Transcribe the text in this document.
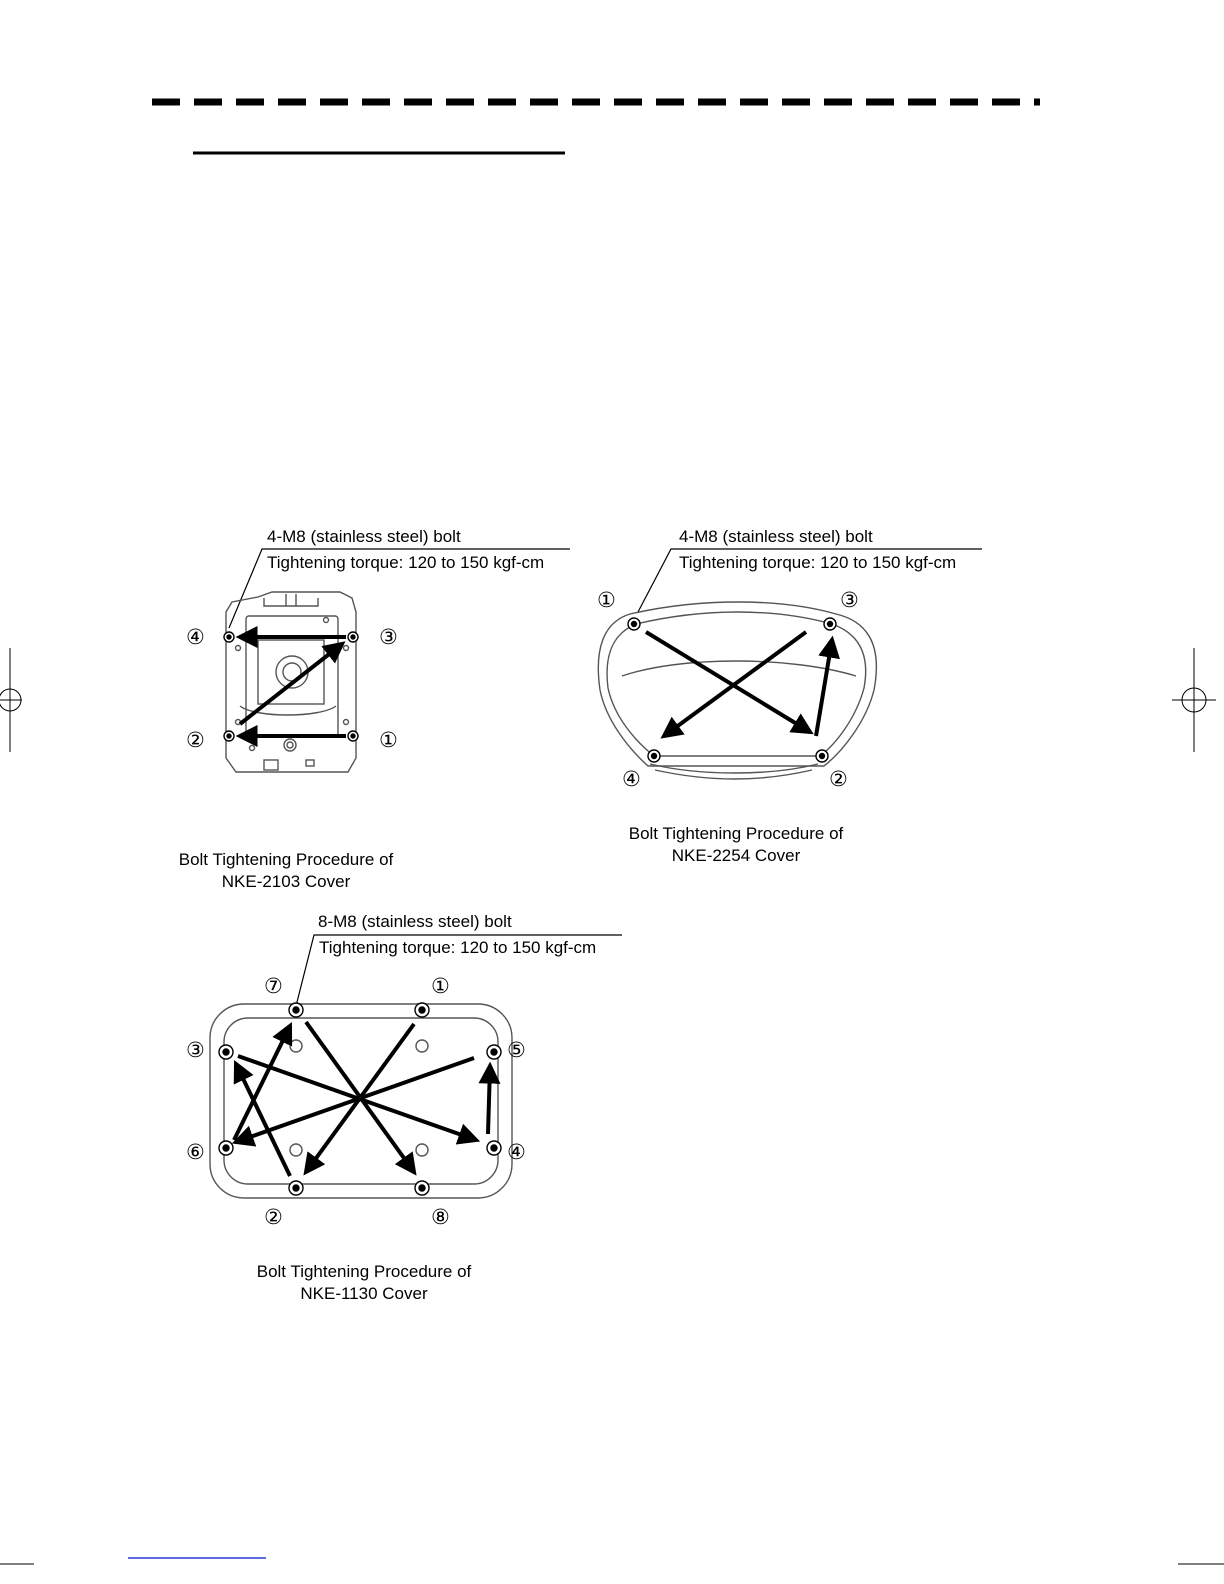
4-M8 (stainless steel) bolt
Tightening torque: 120 to 150 kgf-cm
④	③
②	①
Bolt Tightening Procedure of
NKE-2103 Cover
4-M8 (stainless steel) bolt
Tightening torque: 120 to 150 kgf-cm
①	③
④	②
Bolt Tightening Procedure of
NKE-2254 Cover
8-M8 (stainless steel) bolt
Tightening torque: 120 to 150 kgf-cm
⑦	①
③	⑤
⑥	④
②	⑧
Bolt Tightening Procedure of
NKE-1130 Cover
